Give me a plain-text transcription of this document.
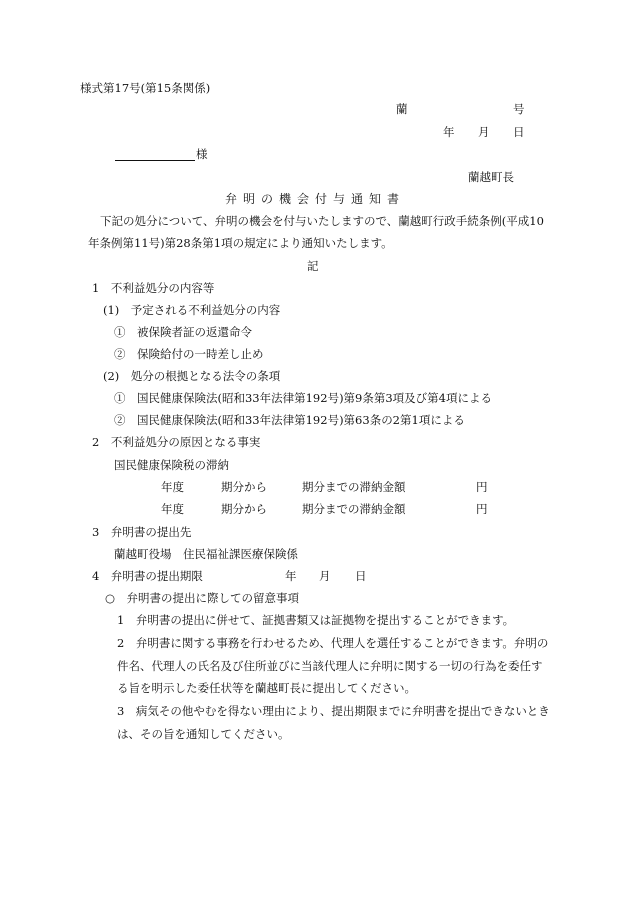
様式第17号(第15条関係)
蘭	号
年 月 日
様
蘭越町長
弁明の機会付与通知書
下記の処分について、弁明の機会を付与いたしますので、蘭越町行政手続条例(平成10
年条例第11号)第28条第1項の規定により通知いたします。
記
1　不利益処分の内容等
(1)　予定される不利益処分の内容
①　被保険者証の返還命令
②　保険給付の一時差し止め
(2)　処分の根拠となる法令の条項
①　国民健康保険法(昭和33年法律第192号)第9条第3項及び第4項による
②　国民健康保険法(昭和33年法律第192号)第63条の2第1項による
2　不利益処分の原因となる事実
国民健康保険税の滞納
年度	期分から	期分までの滞納金額	円
年度	期分から	期分までの滞納金額	円
3　弁明書の提出先
蘭越町役場　住民福祉課医療保険係
4　弁明書の提出期限	年 月 日
○　弁明書の提出に際しての留意事項
1　弁明書の提出に併せて、証拠書類又は証拠物を提出することができます。
2　弁明書に関する事務を行わせるため、代理人を選任することができます。弁明の
件名、代理人の氏名及び住所並びに当該代理人に弁明に関する一切の行為を委任す
る旨を明示した委任状等を蘭越町長に提出してください。
3　病気その他やむを得ない理由により、提出期限までに弁明書を提出できないとき
は、その旨を通知してください。
